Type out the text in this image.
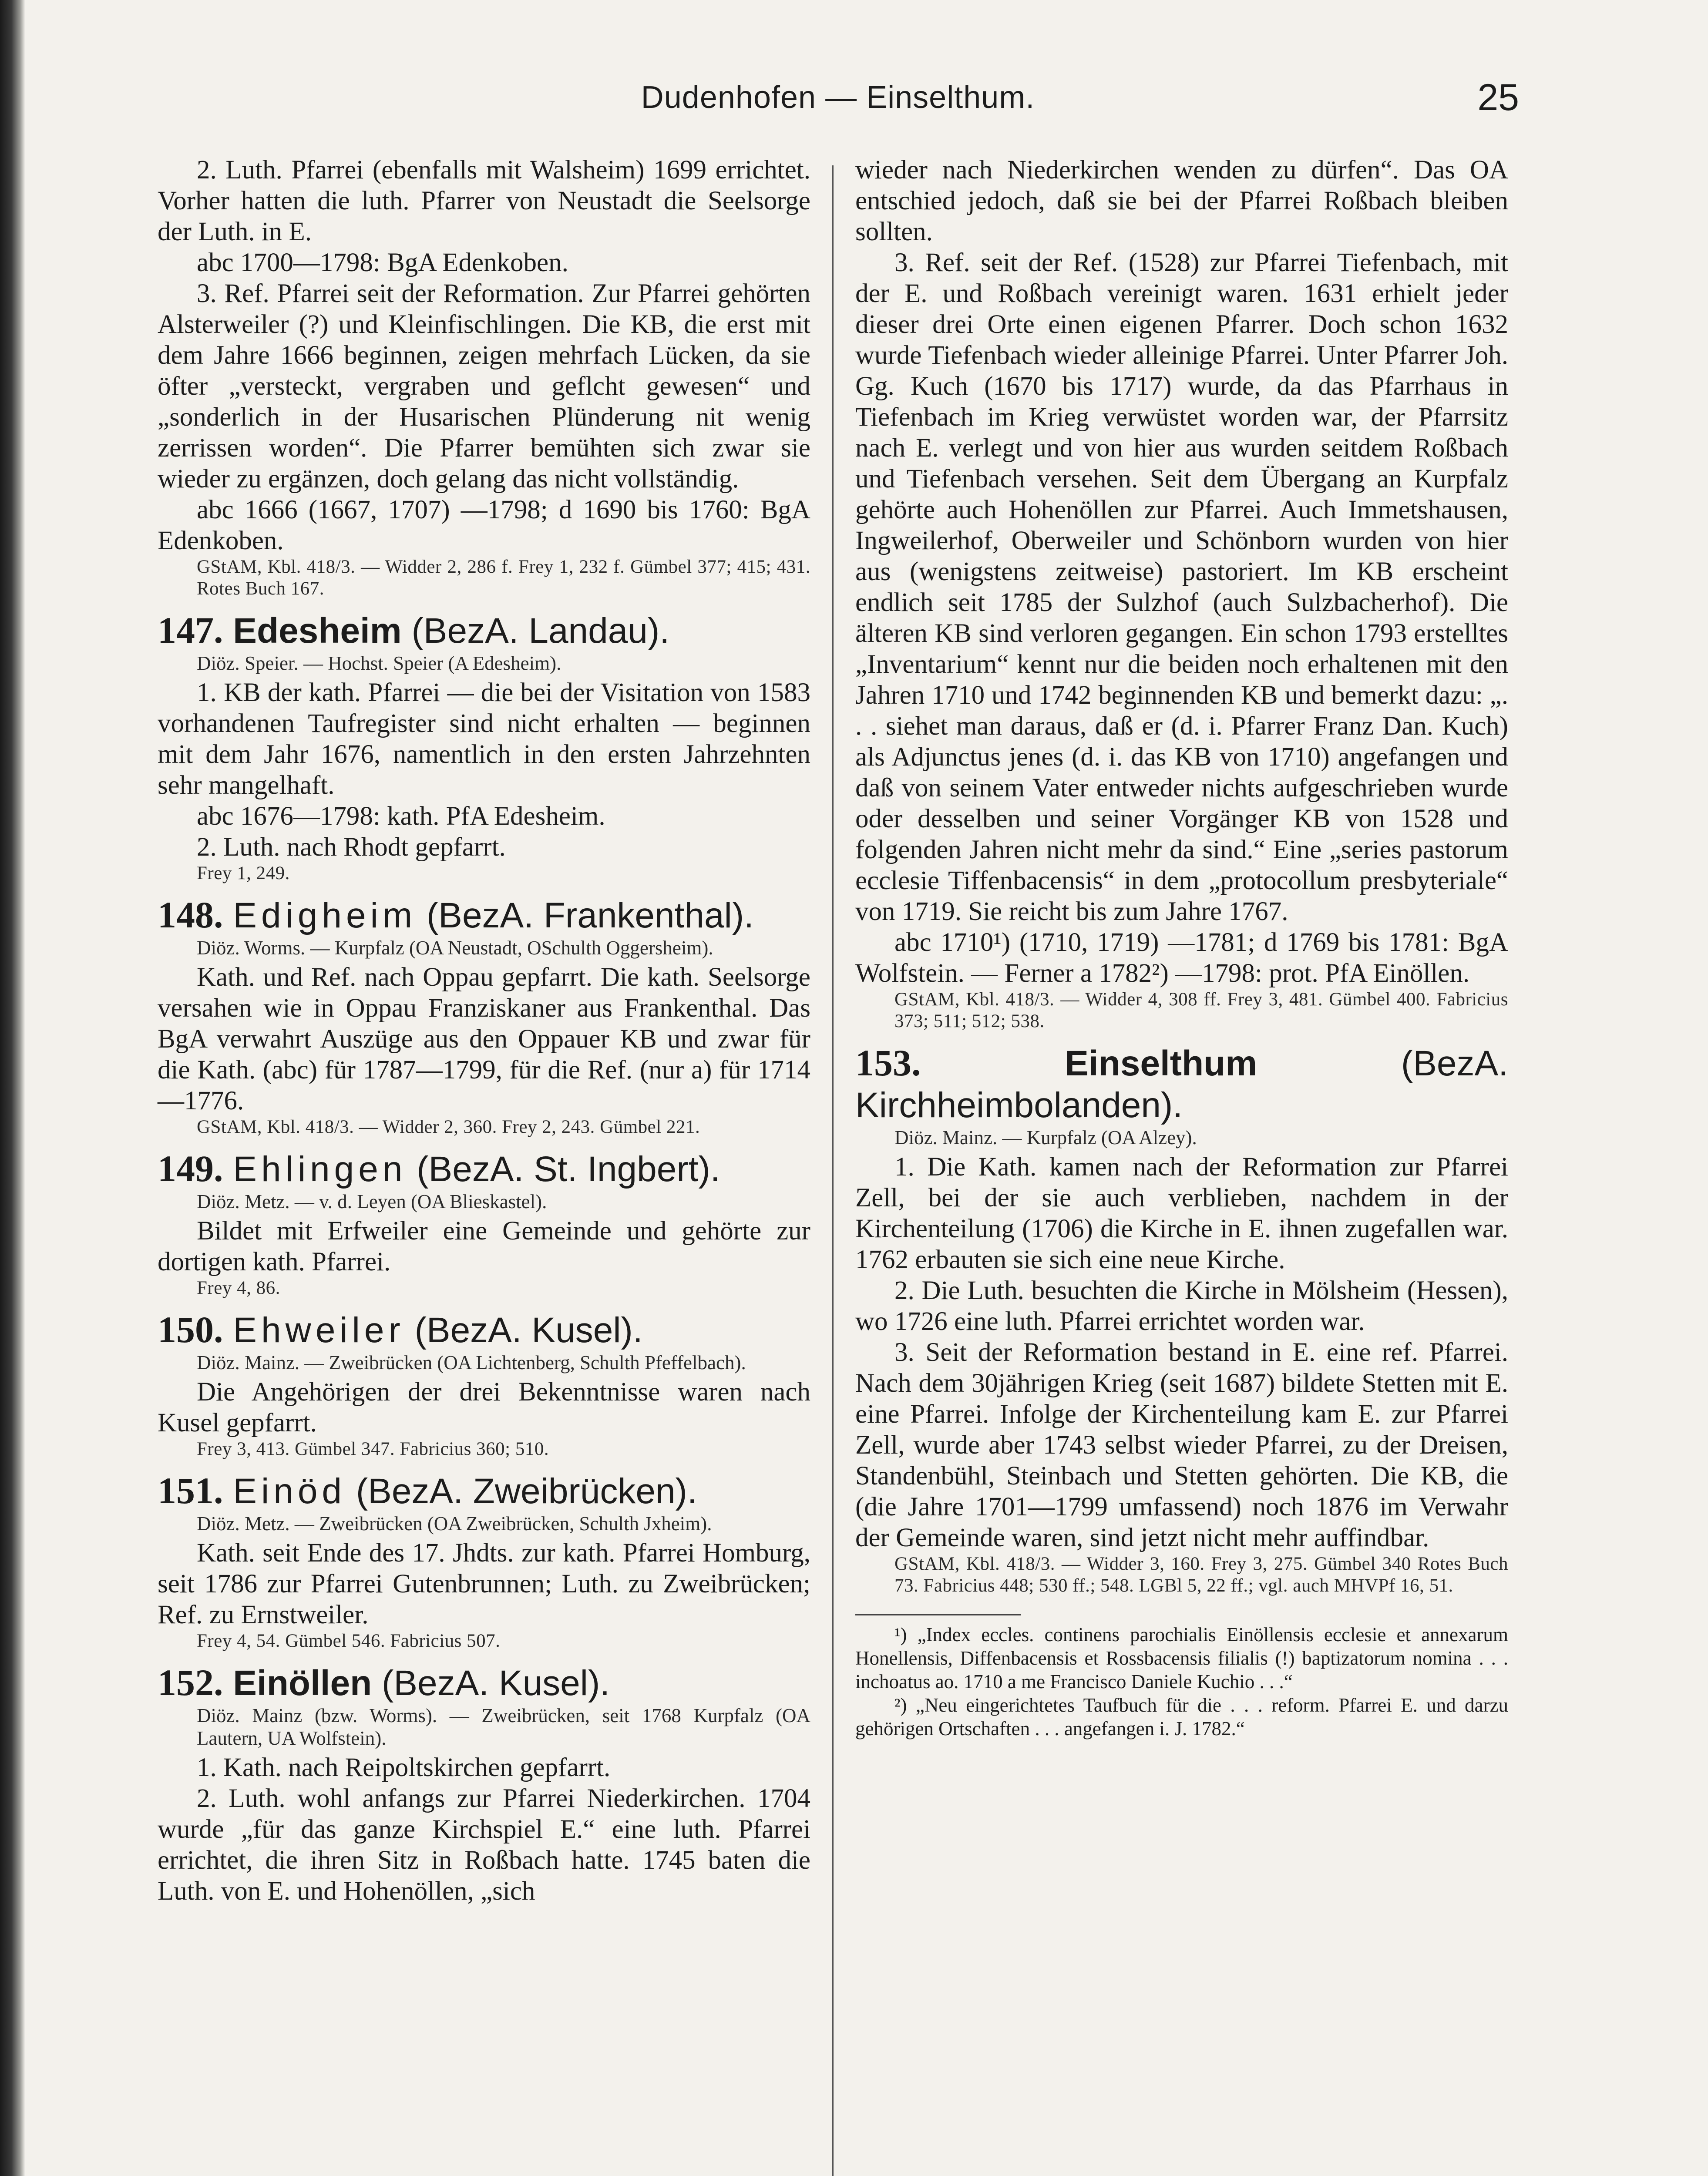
Dudenhofen — Einselthum.	25

2. Luth. Pfarrei (ebenfalls mit Walsheim) 1699 errichtet. Vorher hatten die luth. Pfarrer von Neustadt die Seelsorge der Luth. in E.

abc 1700—1798: BgA Edenkoben.

3. Ref. Pfarrei seit der Reformation. Zur Pfarrei gehörten Alsterweiler (?) und Kleinfischlingen. Die KB, die erst mit dem Jahre 1666 beginnen, zeigen mehrfach Lücken, da sie öfter „versteckt, vergraben und geflcht gewesen“ und „sonderlich in der Husarischen Plünderung nit wenig zerrissen worden“. Die Pfarrer bemühten sich zwar sie wieder zu ergänzen, doch gelang das nicht vollständig.

abc 1666 (1667, 1707) —1798; d 1690 bis 1760: BgA Edenkoben.

GStAM, Kbl. 418/3. — Widder 2, 286 f. Frey 1, 232 f. Gümbel 377; 415; 431. Rotes Buch 167.

147. Edesheim (BezA. Landau).

Diöz. Speier. — Hochst. Speier (A Edesheim).

1. KB der kath. Pfarrei — die bei der Visitation von 1583 vorhandenen Taufregister sind nicht erhalten — beginnen mit dem Jahr 1676, namentlich in den ersten Jahrzehnten sehr mangelhaft.

abc 1676—1798: kath. PfA Edesheim.

2. Luth. nach Rhodt gepfarrt.

Frey 1, 249.

148. Edigheim (BezA. Frankenthal).

Diöz. Worms. — Kurpfalz (OA Neustadt, OSchulth Oggersheim).

Kath. und Ref. nach Oppau gepfarrt. Die kath. Seelsorge versahen wie in Oppau Franziskaner aus Frankenthal. Das BgA verwahrt Auszüge aus den Oppauer KB und zwar für die Kath. (abc) für 1787—1799, für die Ref. (nur a) für 1714—1776.

GStAM, Kbl. 418/3. — Widder 2, 360. Frey 2, 243. Gümbel 221.

149. Ehlingen (BezA. St. Ingbert).

Diöz. Metz. — v. d. Leyen (OA Blieskastel).

Bildet mit Erfweiler eine Gemeinde und gehörte zur dortigen kath. Pfarrei.

Frey 4, 86.

150. Ehweiler (BezA. Kusel).

Diöz. Mainz. — Zweibrücken (OA Lichtenberg, Schulth Pfeffelbach).

Die Angehörigen der drei Bekenntnisse waren nach Kusel gepfarrt.

Frey 3, 413. Gümbel 347. Fabricius 360; 510.

151. Einöd (BezA. Zweibrücken).

Diöz. Metz. — Zweibrücken (OA Zweibrücken, Schulth Jxheim).

Kath. seit Ende des 17. Jhdts. zur kath. Pfarrei Homburg, seit 1786 zur Pfarrei Gutenbrunnen; Luth. zu Zweibrücken; Ref. zu Ernstweiler.

Frey 4, 54. Gümbel 546. Fabricius 507.

152. Einöllen (BezA. Kusel).

Diöz. Mainz (bzw. Worms). — Zweibrücken, seit 1768 Kurpfalz (OA Lautern, UA Wolfstein).

1. Kath. nach Reipoltskirchen gepfarrt.

2. Luth. wohl anfangs zur Pfarrei Niederkirchen. 1704 wurde „für das ganze Kirchspiel E.“ eine luth. Pfarrei errichtet, die ihren Sitz in Roßbach hatte. 1745 baten die Luth. von E. und Hohenöllen, „sich

wieder nach Niederkirchen wenden zu dürfen“. Das OA entschied jedoch, daß sie bei der Pfarrei Roßbach bleiben sollten.

3. Ref. seit der Ref. (1528) zur Pfarrei Tiefenbach, mit der E. und Roßbach vereinigt waren. 1631 erhielt jeder dieser drei Orte einen eigenen Pfarrer. Doch schon 1632 wurde Tiefenbach wieder alleinige Pfarrei. Unter Pfarrer Joh. Gg. Kuch (1670 bis 1717) wurde, da das Pfarrhaus in Tiefenbach im Krieg verwüstet worden war, der Pfarrsitz nach E. verlegt und von hier aus wurden seitdem Roßbach und Tiefenbach versehen. Seit dem Übergang an Kurpfalz gehörte auch Hohenöllen zur Pfarrei. Auch Immetshausen, Ingweilerhof, Oberweiler und Schönborn wurden von hier aus (wenigstens zeitweise) pastoriert. Im KB erscheint endlich seit 1785 der Sulzhof (auch Sulzbacherhof). Die älteren KB sind verloren gegangen. Ein schon 1793 erstelltes „Inventarium“ kennt nur die beiden noch erhaltenen mit den Jahren 1710 und 1742 beginnenden KB und bemerkt dazu: „. . . siehet man daraus, daß er (d. i. Pfarrer Franz Dan. Kuch) als Adjunctus jenes (d. i. das KB von 1710) angefangen und daß von seinem Vater entweder nichts aufgeschrieben wurde oder desselben und seiner Vorgänger KB von 1528 und folgenden Jahren nicht mehr da sind.“ Eine „series pastorum ecclesie Tiffenbacensis“ in dem „protocollum presbyteriale“ von 1719. Sie reicht bis zum Jahre 1767.

abc 1710¹) (1710, 1719) —1781; d 1769 bis 1781: BgA Wolfstein. — Ferner a 1782²) —1798: prot. PfA Einöllen.

GStAM, Kbl. 418/3. — Widder 4, 308 ff. Frey 3, 481. Gümbel 400. Fabricius 373; 511; 512; 538.

153.	Einselthum	(BezA. Kirchheimbolanden).

Diöz. Mainz. — Kurpfalz (OA Alzey).

1. Die Kath. kamen nach der Reformation zur Pfarrei Zell, bei der sie auch verblieben, nachdem in der Kirchenteilung (1706) die Kirche in E. ihnen zugefallen war. 1762 erbauten sie sich eine neue Kirche.

2. Die Luth. besuchten die Kirche in Mölsheim (Hessen), wo 1726 eine luth. Pfarrei errichtet worden war.

3. Seit der Reformation bestand in E. eine ref. Pfarrei. Nach dem 30jährigen Krieg (seit 1687) bildete Stetten mit E. eine Pfarrei. Infolge der Kirchenteilung kam E. zur Pfarrei Zell, wurde aber 1743 selbst wieder Pfarrei, zu der Dreisen, Standenbühl, Steinbach und Stetten gehörten. Die KB, die (die Jahre 1701—1799 umfassend) noch 1876 im Verwahr der Gemeinde waren, sind jetzt nicht mehr auffindbar.

GStAM, Kbl. 418/3. — Widder 3, 160. Frey 3, 275. Gümbel 340 Rotes Buch 73. Fabricius 448; 530 ff.; 548. LGBl 5, 22 ff.; vgl. auch MHVPf 16, 51.

¹) „Index eccles. continens parochialis Einöllensis ecclesie et annexarum Honellensis, Diffenbacensis et Rossbacensis filialis (!) baptizatorum nomina . . . inchoatus ao. 1710 a me Francisco Daniele Kuchio . . .“

²) „Neu eingerichtetes Taufbuch für die . . . reform. Pfarrei E. und darzu gehörigen Ortschaften . . . angefangen i. J. 1782.“
